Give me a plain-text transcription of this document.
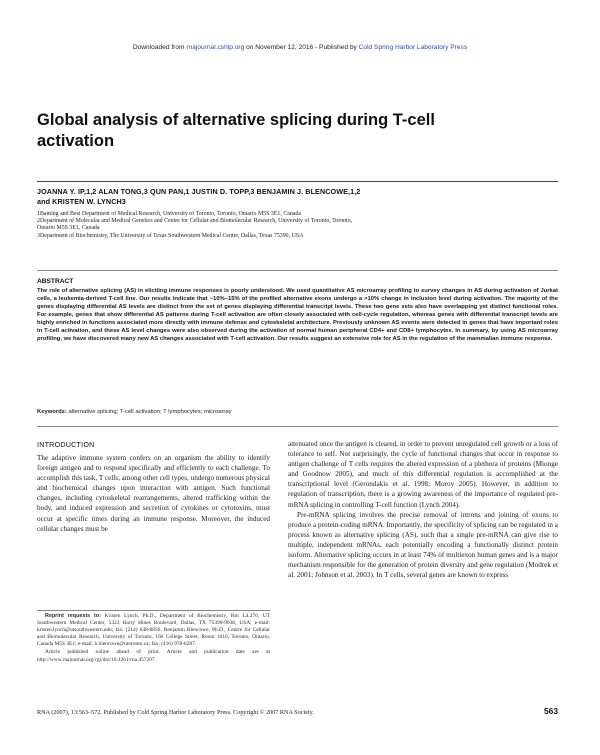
Downloaded from rnajournal.cshlp.org on November 12, 2016 - Published by Cold Spring Harbor Laboratory Press
Global analysis of alternative splicing during T-cell activation
JOANNA Y. IP,1,2 ALAN TONG,3 QUN PAN,1 JUSTIN D. TOPP,3 BENJAMIN J. BLENCOWE,1,2
and KRISTEN W. LYNCH3

1Banting and Best Department of Medical Research, University of Toronto, Toronto, Ontario M5S 3E1, Canada

2Department of Molecular and Medical Genetics and Centre for Cellular and Biomolecular Research, University of Toronto, Toronto,

Ontario M5S 3E1, Canada

3Department of Biochemistry, The University of Texas Southwestern Medical Center, Dallas, Texas 75390, USA

ABSTRACT
The role of alternative splicing (AS) in eliciting immune responses is poorly understood. We used quantitative AS microarray profiling to survey changes in AS during activation of Jurkat cells, a leukemia-derived T-cell line. Our results indicate that ~10%–15% of the profiled alternative exons undergo a >10% change in inclusion level during activation. The majority of the genes displaying differential AS levels are distinct from the set of genes displaying differential transcript levels. These two gene sets also have overlapping yet distinct functional roles. For example, genes that show differential AS patterns during T-cell activation are often closely associated with cell-cycle regulation, whereas genes with differential transcript levels are highly enriched in functions associated more directly with immune defense and cytoskeletal architecture. Previously unknown AS events were detected in genes that have important roles in T-cell activation, and these AS level changes were also observed during the activation of normal human peripheral CD4+ and CD8+ lymphocytes. In summary, by using AS microarray profiling, we have discovered many new AS changes associated with T-cell activation. Our results suggest an extensive role for AS in the regulation of the mammalian immune response.
Keywords: alternative splicing; T-cell activation; T lymphocytes; microarray
INTRODUCTION

The adaptive immune system confers on an organism the ability to identify foreign antigen and to respond specifically and efficiently to each challenge. To accomplish this task, T cells, among other cell types, undergo numerous physical and biochemical changes upon interaction with antigen. Such functional changes, including cytoskeletal rearrangements, altered trafficking within the body, and induced expression and secretion of cytokines or cytotoxins, must occur at specific times during an immune response. Moreover, the induced cellular changes must be

attenuated once the antigen is cleared, in order to prevent unregulated cell growth or a loss of tolerance to self. Not surprisingly, the cycle of functional changes that occur in response to antigen challenge of T cells requires the altered expression of a plethora of proteins (Mionge and Goodnow 2005), and much of this differential regulation is accomplished at the transcriptional level (Gerondakis et al. 1998; Moroy 2005). However, in addition to regulation of transcription, there is a growing awareness of the importance of regulated pre-mRNA splicing in controlling T-cell function (Lynch 2004).

Pre-mRNA splicing involves the precise removal of introns and joining of exons to produce a protein-coding mRNA. Importantly, the specificity of splicing can be regulated in a process known as alternative splicing (AS), such that a single pre-mRNA can give rise to multiple, independent mRNAs, each potentially encoding a functionally distinct protein isoform. Alternative splicing occurs in at least 74% of multiexon human genes and is a major mechanism responsible for the generation of protein diversity and gene regulation (Modrek et al. 2001; Johnson et al. 2003). In T cells, several genes are known to express

Reprint requests to: Kristen Lynch, Ph.D., Department of Biochemistry, Rm L4.270, UT Southwestern Medical Center, 5323 Harry Hines Boulevard, Dallas, TX 75390-9038, USA; e-mail: kristen.lynch@utsouthwestern.edu; fax: (214) 648-8856. Benjamin Blencowe, Ph.D., Centre for Cellular and Biomolecular Research, University of Toronto, 160 College Street, Room 1016, Toronto, Ontario, Canada M5S 3E1; e-mail: b.blencowe@utoronto.ca; fax: (416) 978-8287.

Article published online ahead of print. Article and publication date are at http://www.rnajournal.org/cgi/doi/10.1261/rna.457207.

RNA (2007), 13:563–572. Published by Cold Spring Harbor Laboratory Press. Copyright © 2007 RNA Society.	563
